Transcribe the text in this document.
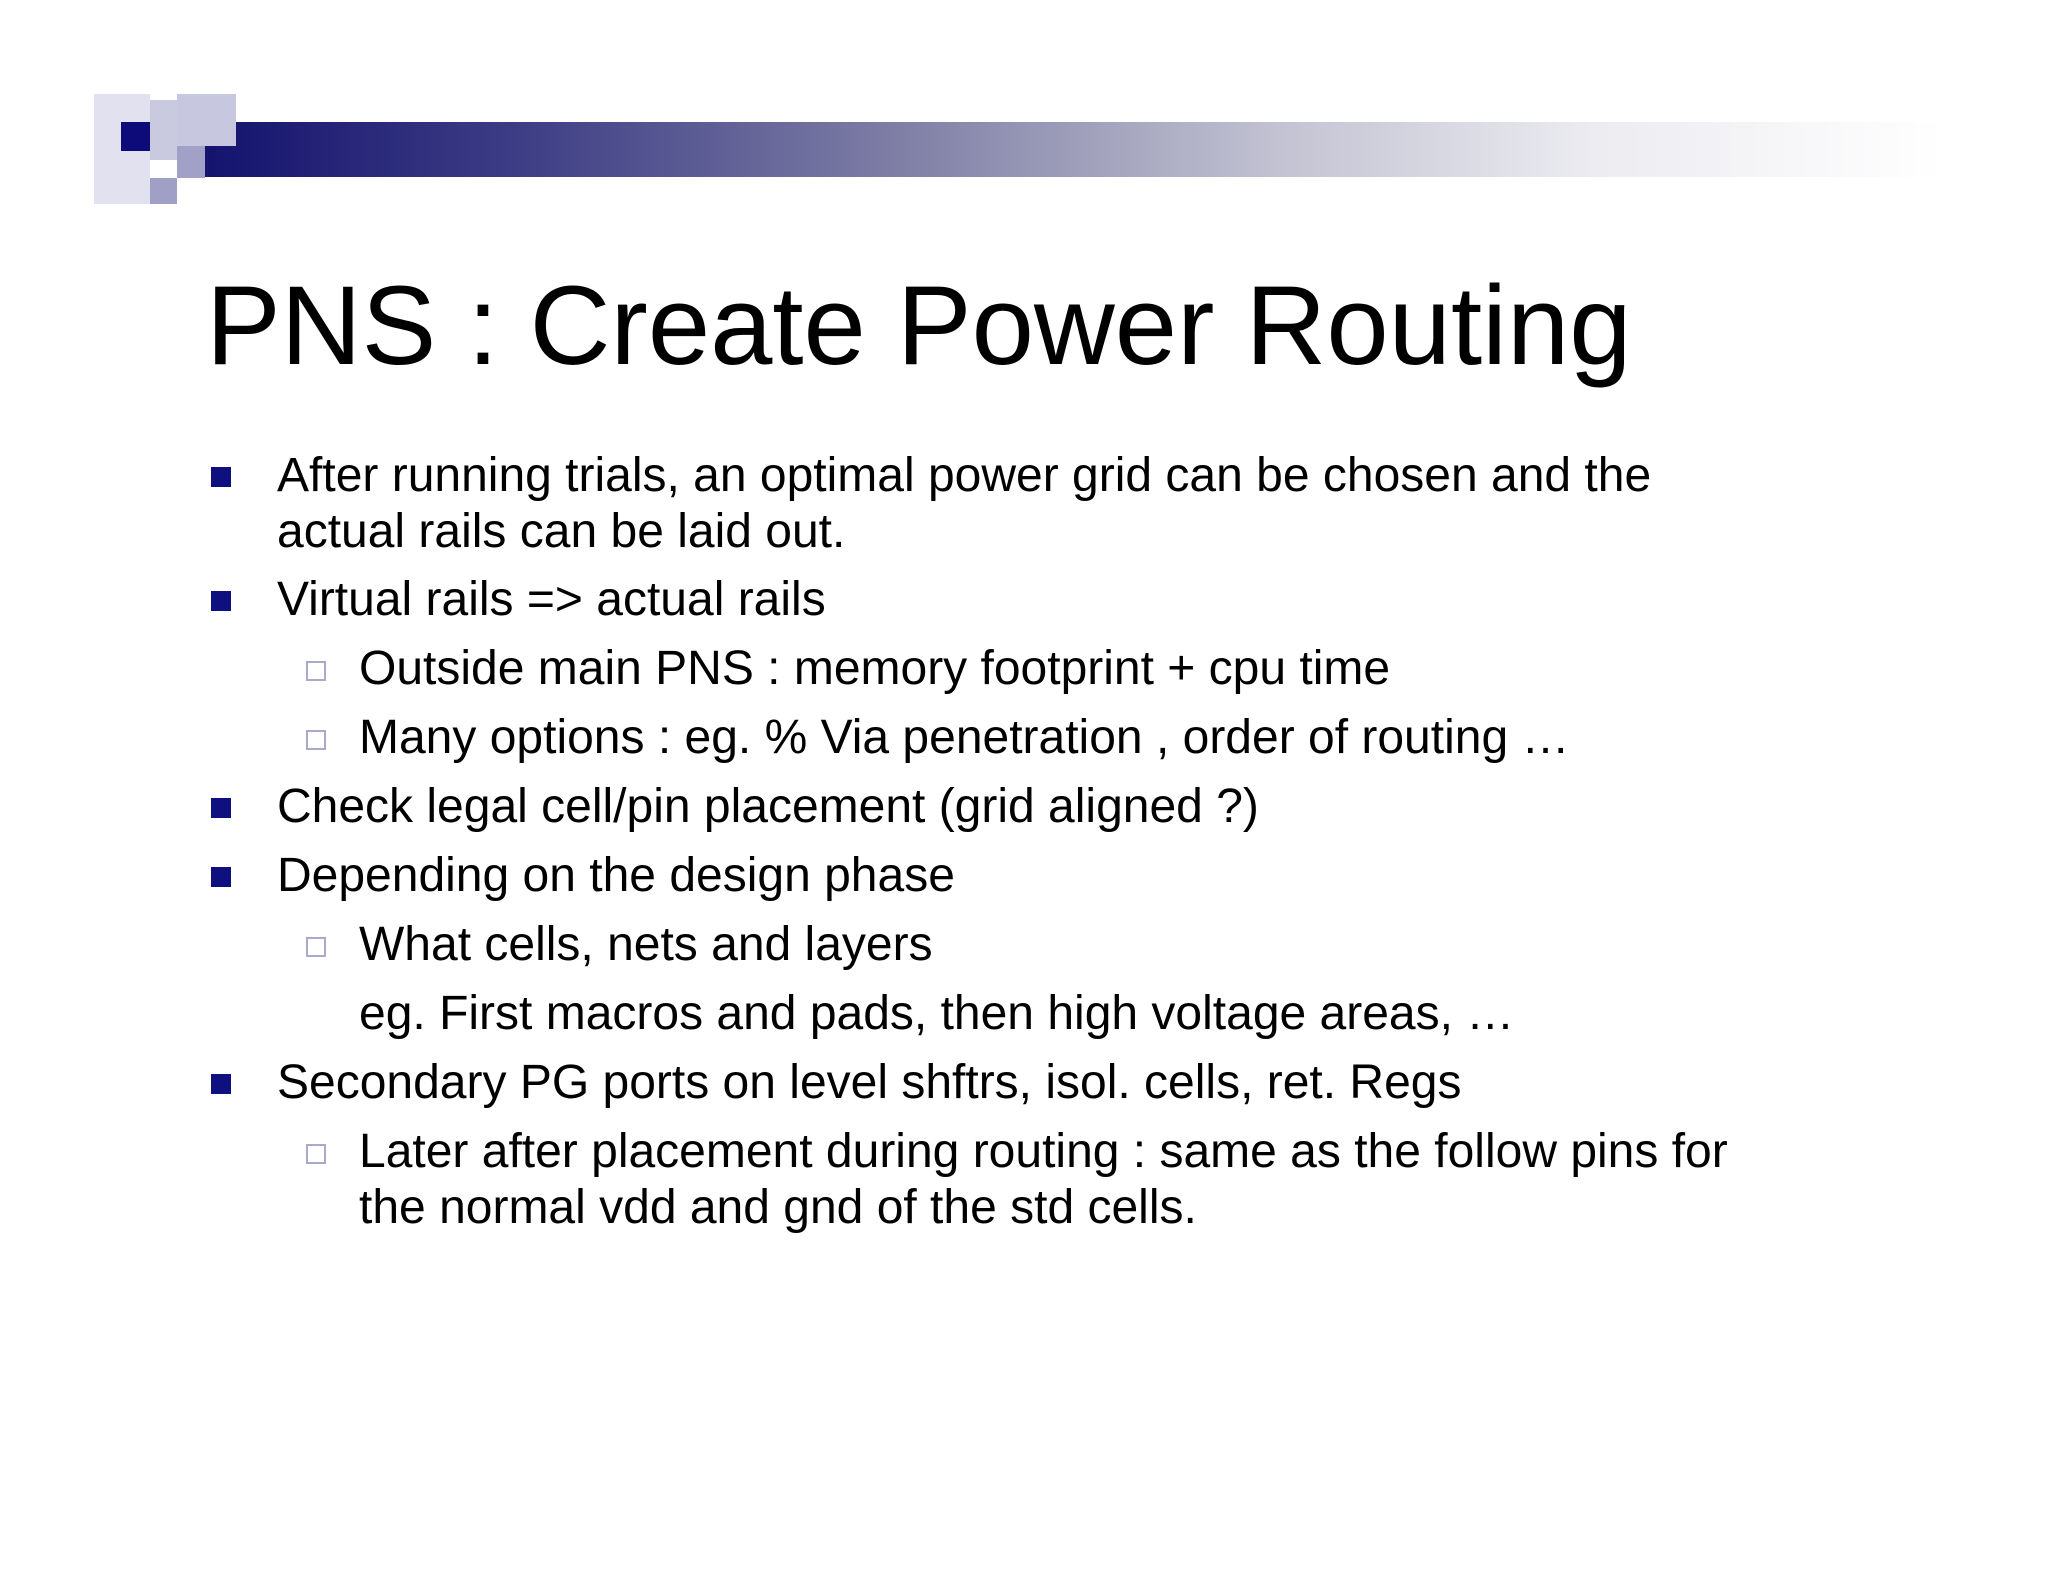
PNS : Create Power Routing
After running trials, an optimal power grid can be chosen and the
actual rails can be laid out.
Virtual rails => actual rails
Outside main PNS : memory footprint + cpu time
Many options : eg. % Via penetration , order of routing …
Check legal cell/pin placement (grid aligned ?)
Depending on the design phase
What cells, nets and layers
eg. First macros and pads, then high voltage areas, …
Secondary PG ports on level shftrs, isol. cells, ret. Regs
Later after placement during routing : same as the follow pins for
the normal vdd and gnd of the std cells.
